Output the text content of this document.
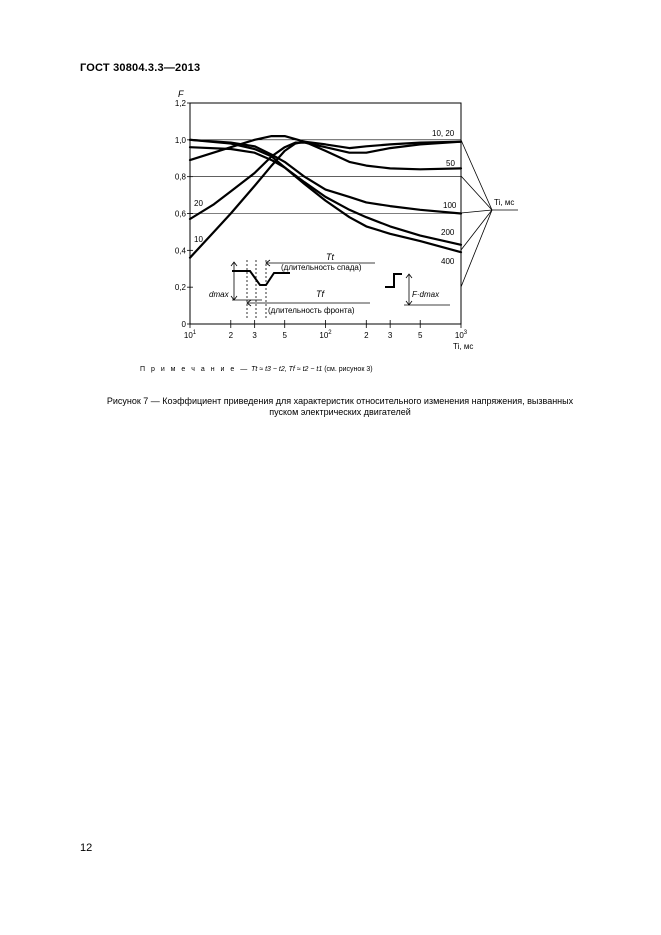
ГОСТ 30804.3.3—2013
0
0,2
0,4
0,6
0,8
1,0
1,2
$10^1$	2 3	5	$10^2$	2 3	5	$10^3$
10, 20
50
100
200
400
20
10
F
Ti, мс
Tt
(длительность спада)
Tf
(длительность фронта)
dmax	F·dmax
Ti, мс
П р и м е ч а н и е — Tt ≈ t3 − t2, Tf ≈ t2 − t1 (см. рисунок 3)
Рисунок 7 — Коэффициент приведения для характеристик относительного изменения напряжения, вызванных
пуском электрических двигателей
12
